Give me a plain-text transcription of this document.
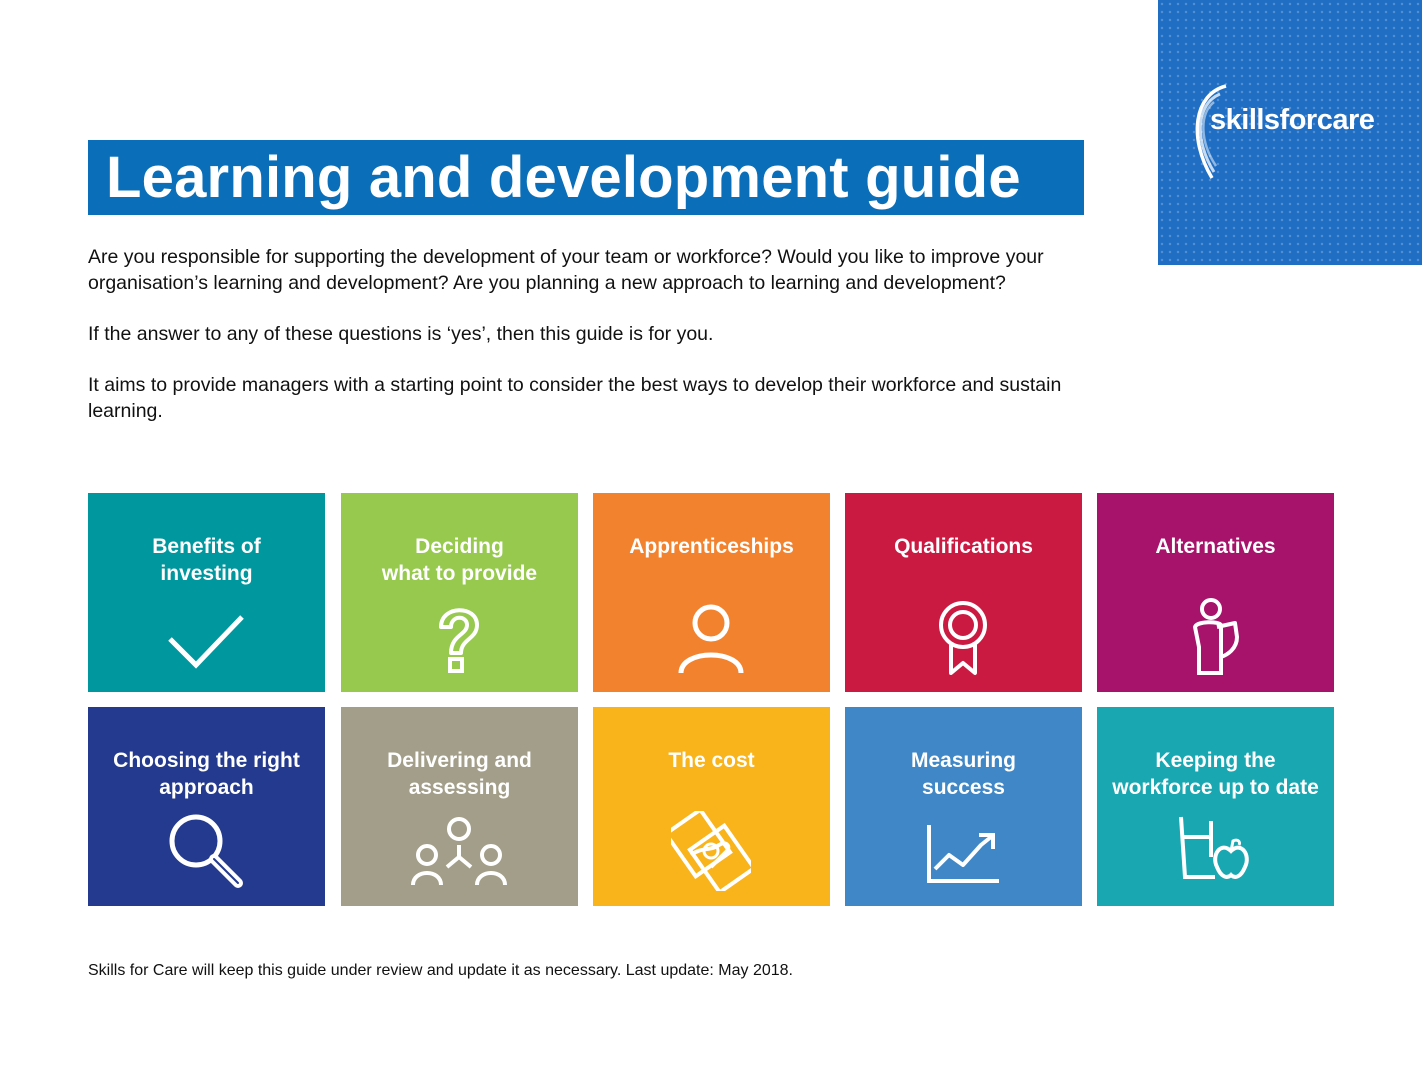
skillsforcare
Learning and development guide

Are you responsible for supporting the development of your team or workforce? Would you like to improve your organisation’s learning and development? Are you planning a new approach to learning and development?

If the answer to any of these questions is ‘yes’, then this guide is for you.

It aims to provide managers with a starting point to consider the best ways to develop their workforce and sustain learning.

Benefits of
investing
Deciding
what to provide
Apprenticeships	Qualifications	Alternatives
Choosing the right
approach
Delivering and
assessing
The cost	Measuring
success
Keeping the
workforce up to date
Skills for Care will keep this guide under review and update it as necessary. Last update: May 2018.
